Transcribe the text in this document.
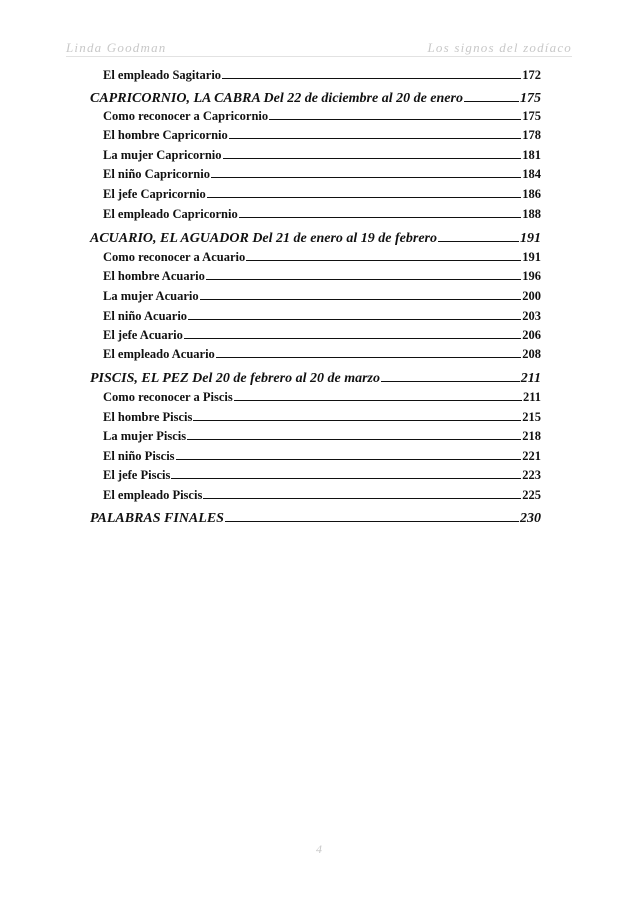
Linda Goodman	Los signos del zodíaco
El empleado Sagitario	172
CAPRICORNIO, LA CABRA Del 22 de diciembre al 20 de enero	175
Como reconocer a Capricornio	175
El hombre Capricornio	178
La mujer Capricornio	181
El niño Capricornio	184
El jefe Capricornio	186
El empleado Capricornio	188
ACUARIO, EL AGUADOR Del 21 de enero al 19 de febrero	191
Como reconocer a Acuario	191
El hombre Acuario	196
La mujer Acuario	200
El niño Acuario	203
El jefe Acuario	206
El empleado Acuario	208
PISCIS, EL PEZ Del 20 de febrero al 20 de marzo	211
Como reconocer a Piscis	211
El hombre Piscis	215
La mujer Piscis	218
El niño Piscis	221
El jefe Piscis	223
El empleado Piscis	225
PALABRAS FINALES	230
4
